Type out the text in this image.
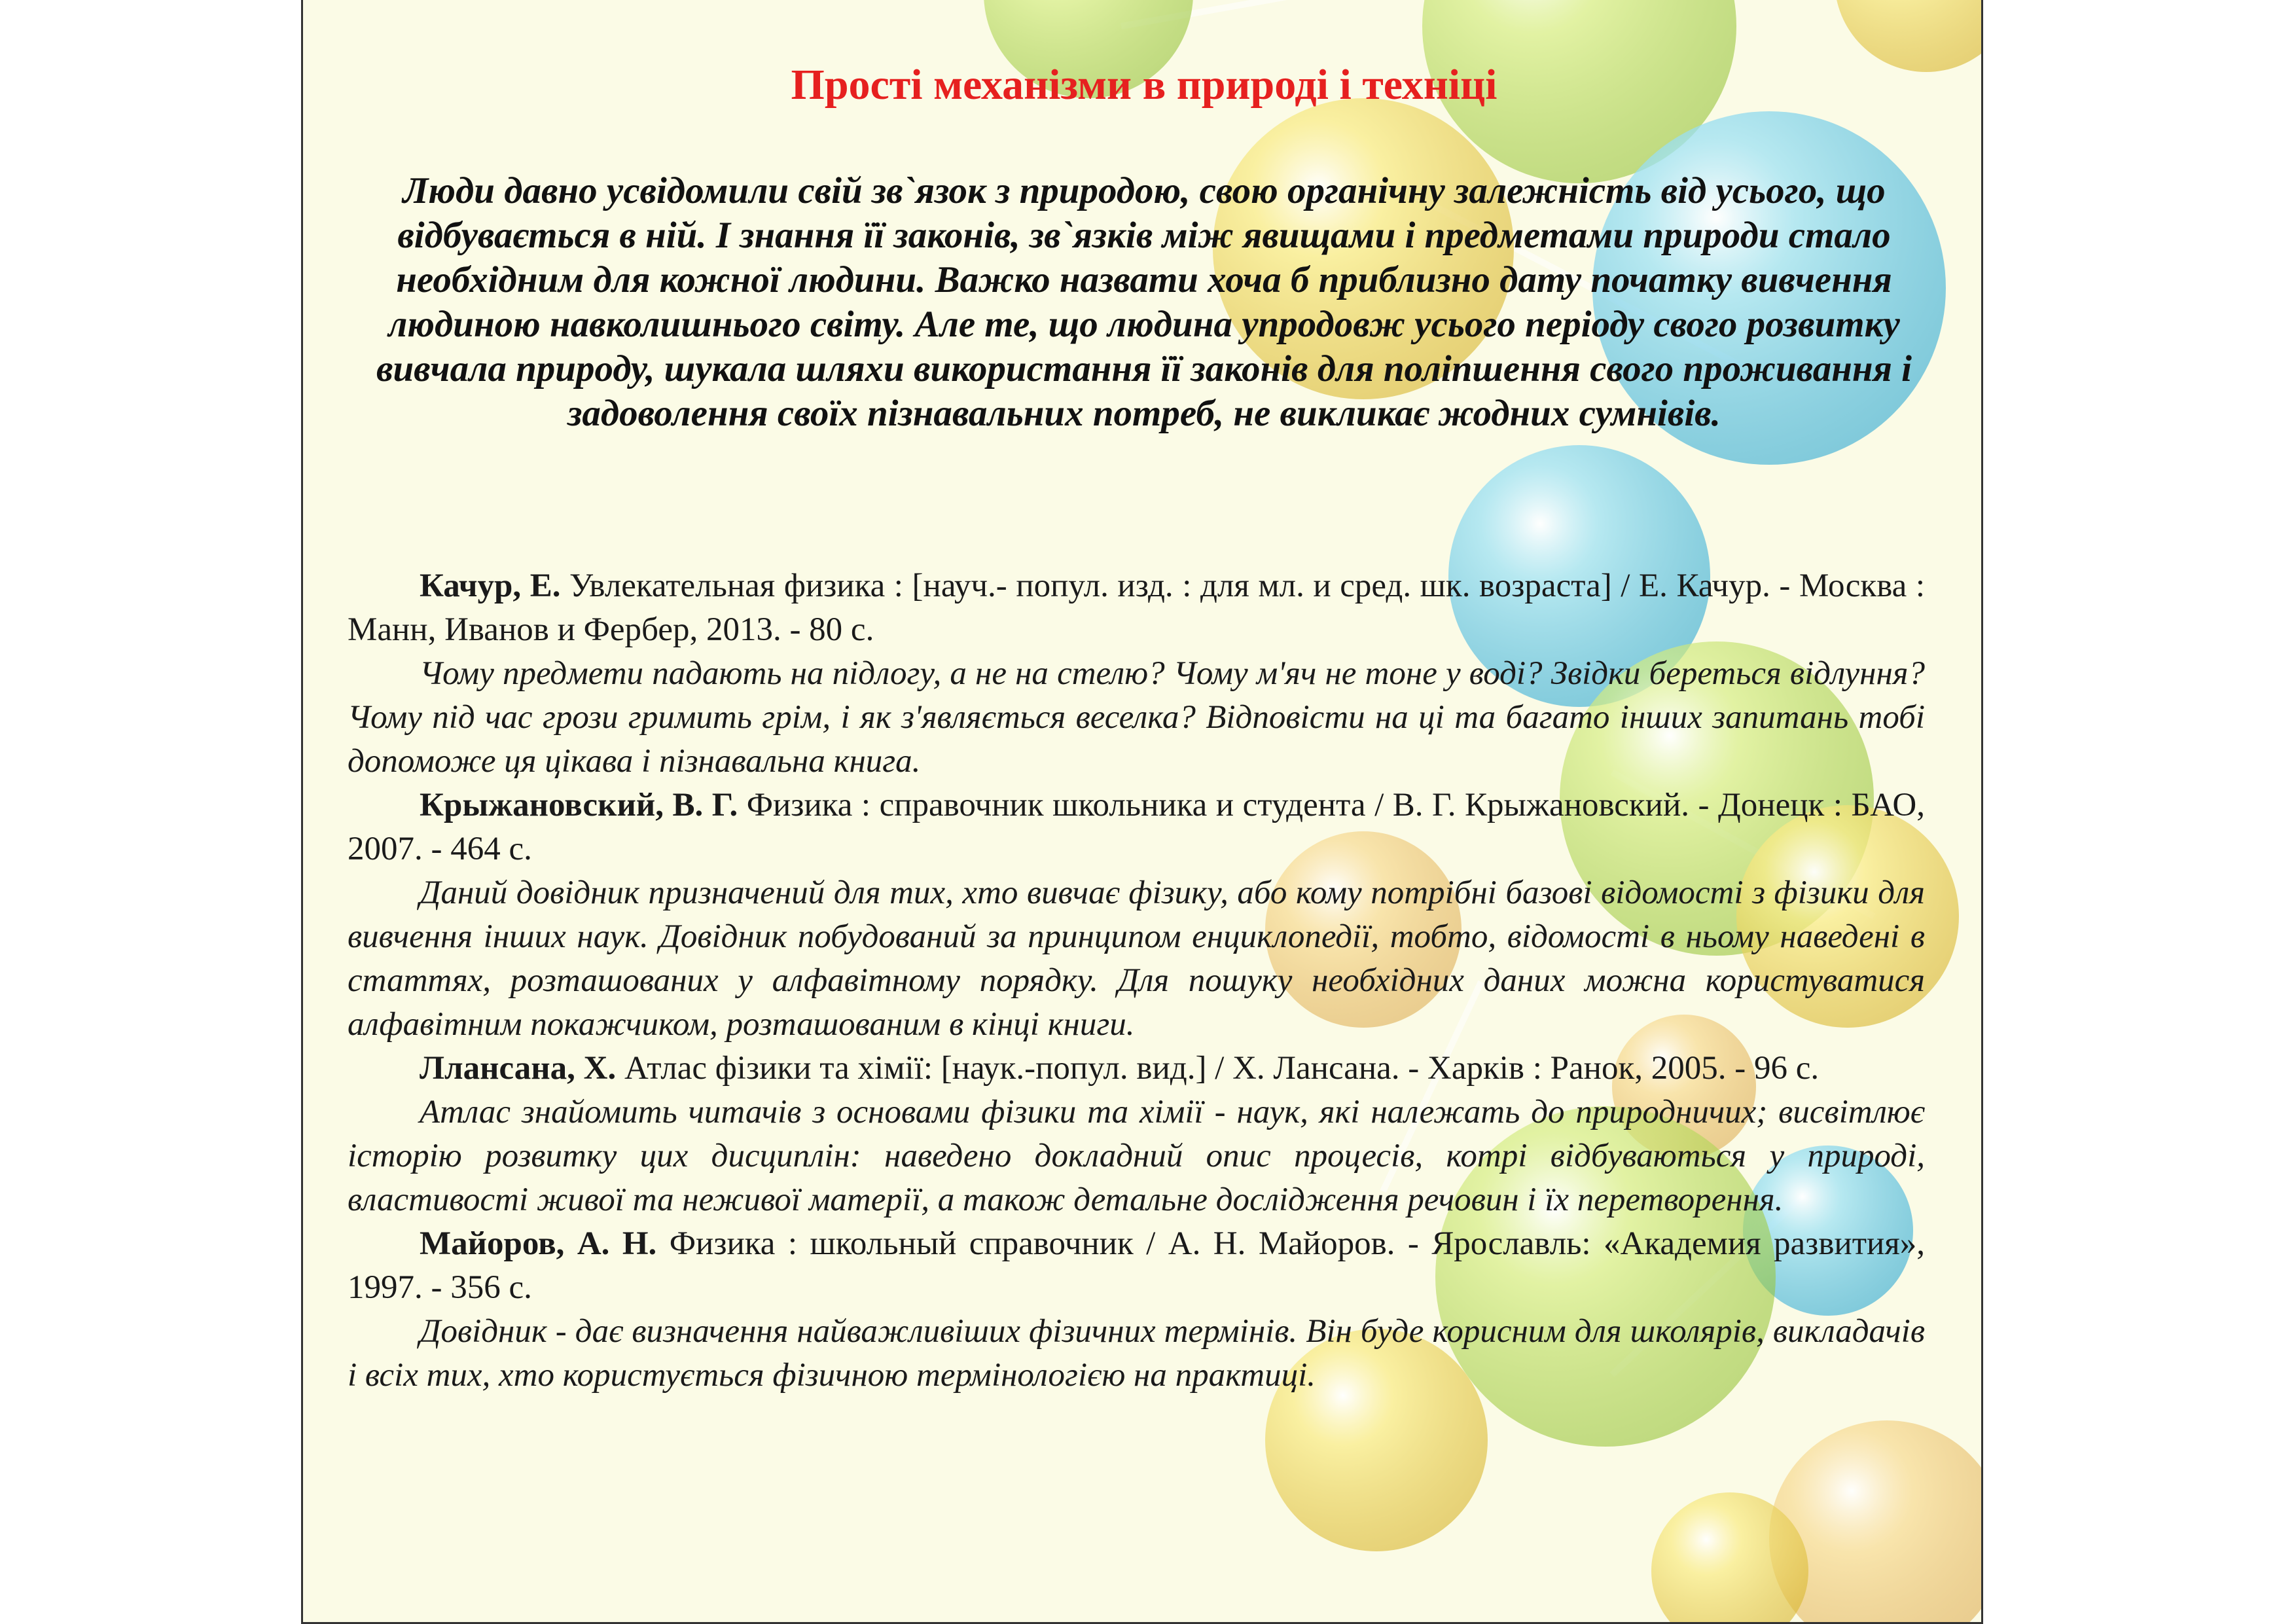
Прості механізми в природі і техніці

Люди давно усвідомили свій зв`язок з природою, свою органічну залежність від усього, що відбувається в ній. І знання її законів, зв`язків між явищами і предметами природи стало необхідним для кожної людини. Важко назвати хоча б приблизно дату початку вивчення людиною навколишнього світу. Але те, що людина упродовж усього періоду свого розвитку вивчала природу, шукала шляхи використання її законів для поліпшення свого проживання і задоволення своїх пізнавальних потреб, не викликає жодних сумнівів.

Качур, Е. Увлекательная физика : [науч.- попул. изд. : для мл. и сред. шк. возраста] / Е. Качур. - Москва : Манн, Иванов и Фербер, 2013. - 80 с.

Чому предмети падають на підлогу, а не на стелю? Чому м'яч не тоне у воді? Звідки береться відлуння? Чому під час грози гримить грім, і як з'являється веселка? Відповісти на ці та багато інших запитань тобі допоможе ця цікава і пізнавальна книга.

Крыжановский, В. Г. Физика : справочник школьника и студента / В. Г. Крыжановский. - Донецк : БАО, 2007. - 464 с.

Даний довідник призначений для тих, хто вивчає фізику, або кому потрібні базові відомості з фізики для вивчення інших наук. Довідник побудований за принципом енциклопедії, тобто, відомості в ньому наведені в статтях, розташованих у алфавітному порядку. Для пошуку необхідних даних можна користуватися алфавітним покажчиком, розташованим в кінці книги.

Ллансана, Х. Атлас фізики та хімії: [наук.-попул. вид.] / Х. Лансана. - Харків : Ранок, 2005. - 96 с.

Атлас знайомить читачів з основами фізики та хімії - наук, які належать до природничих; висвітлює історію розвитку цих дисциплін: наведено докладний опис процесів, котрі відбуваються у природі, властивості живої та неживої матерії, а також детальне дослідження речовин і їх перетворення.

Майоров, А. Н. Физика : школьный справочник / А. Н. Майоров. - Ярославль: «Академия развития», 1997. - 356 с.

Довідник - дає визначення найважливіших фізичних термінів. Він буде корисним для школярів, викладачів і всіх тих, хто користується фізичною термінологією на практиці.
